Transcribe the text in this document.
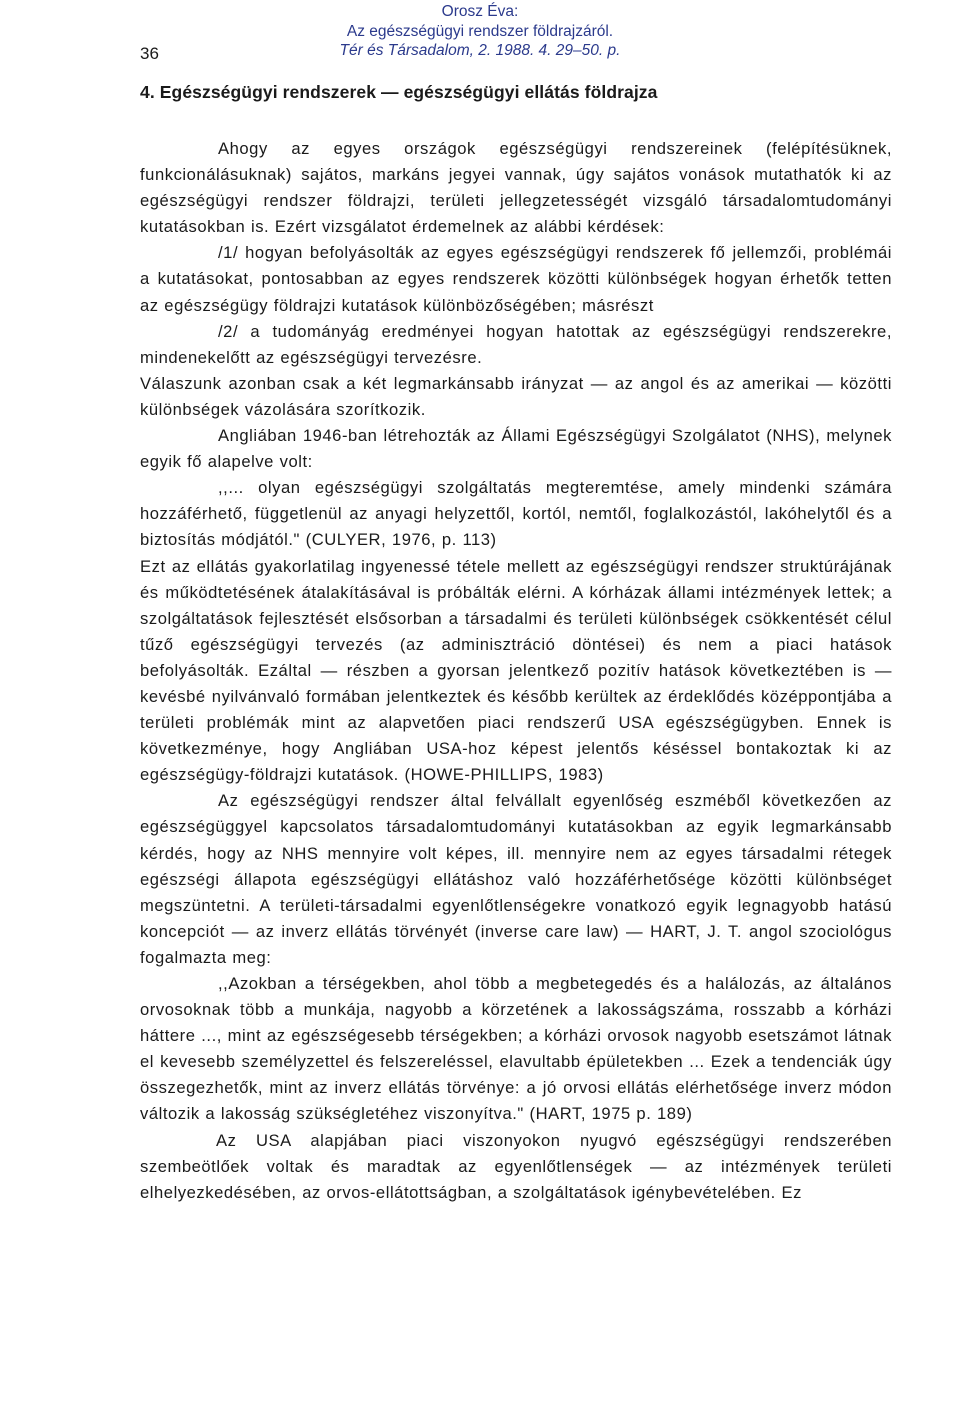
36
Orosz Éva:
Az egészségügyi rendszer földrajzáról.
Tér és Társadalom, 2. 1988. 4. 29–50. p.
4. Egészségügyi rendszerek — egészségügyi ellátás földrajza

Ahogy az egyes országok egészségügyi rendszereinek (felépítésüknek, funkcionálásuknak) sajátos, markáns jegyei vannak, úgy sajátos vonások mutathatók ki az egészségügyi rendszer földrajzi, területi jellegzetességét vizsgáló társadalomtudományi kutatásokban is. Ezért vizsgálatot érdemelnek az alábbi kérdések:

/1/ hogyan befolyásolták az egyes egészségügyi rendszerek fő jellemzői, problémái a kutatásokat, pontosabban az egyes rendszerek közötti különbségek hogyan érhetők tetten az egészségügy földrajzi kutatások különbözőségében; másrészt

/2/ a tudományág eredményei hogyan hatottak az egészségügyi rendszerekre, mindenekelőtt az egészségügyi tervezésre.

Válaszunk azonban csak a két legmarkánsabb irányzat — az angol és az amerikai — közötti különbségek vázolására szorítkozik.

Angliában 1946-ban létrehozták az Állami Egészségügyi Szolgálatot (NHS), melynek egyik fő alapelve volt:

,,... olyan egészségügyi szolgáltatás megteremtése, amely mindenki számára hozzáférhető, függetlenül az anyagi helyzettől, kortól, nemtől, foglalkozástól, lakóhelytől és a biztosítás módjától." (CULYER, 1976, p. 113)

Ezt az ellátás gyakorlatilag ingyenessé tétele mellett az egészségügyi rendszer struktúrájának és működtetésének átalakításával is próbálták elérni. A kórházak állami intézmények lettek; a szolgáltatások fejlesztését elsősorban a társadalmi és területi különbségek csökkentését célul tűző egészségügyi tervezés (az adminisztráció döntései) és nem a piaci hatások befolyásolták. Ezáltal — részben a gyorsan jelentkező pozitív hatások következtében is — kevésbé nyilvánvaló formában jelentkeztek és később kerültek az érdeklődés középpontjába a területi problémák mint az alapvetően piaci rendszerű USA egészségügyben. Ennek is következménye, hogy Angliában USA-hoz képest jelentős késéssel bontakoztak ki az egészségügy-földrajzi kutatások. (HOWE-PHILLIPS, 1983)

Az egészségügyi rendszer által felvállalt egyenlőség eszméből következően az egészségüggyel kapcsolatos társadalomtudományi kutatásokban az egyik legmarkánsabb kérdés, hogy az NHS mennyire volt képes, ill. mennyire nem az egyes társadalmi rétegek egészségi állapota egészségügyi ellátáshoz való hozzáférhetősége közötti különbséget megszüntetni. A területi-társadalmi egyenlőtlenségekre vonatkozó egyik legnagyobb hatású koncepciót — az inverz ellátás törvényét (inverse care law) — HART, J. T. angol szociológus fogalmazta meg:

,,Azokban a térségekben, ahol több a megbetegedés és a halálozás, az általános orvosoknak több a munkája, nagyobb a körzetének a lakosságszáma, rosszabb a kórházi háttere ..., mint az egészségesebb térségekben; a kórházi orvosok nagyobb esetszámot látnak el kevesebb személyzettel és felszereléssel, elavultabb épületekben ... Ezek a tendenciák úgy összegezhetők, mint az inverz ellátás törvénye: a jó orvosi ellátás elérhetősége inverz módon változik a lakosság szükségletéhez viszonyítva." (HART, 1975 p. 189)

Az USA alapjában piaci viszonyokon nyugvó egészségügyi rendszerében szembeötlőek voltak és maradtak az egyenlőtlenségek — az intézmények területi elhelyezkedésében, az orvos-ellátottságban, a szolgáltatások igénybevételében. Ez
